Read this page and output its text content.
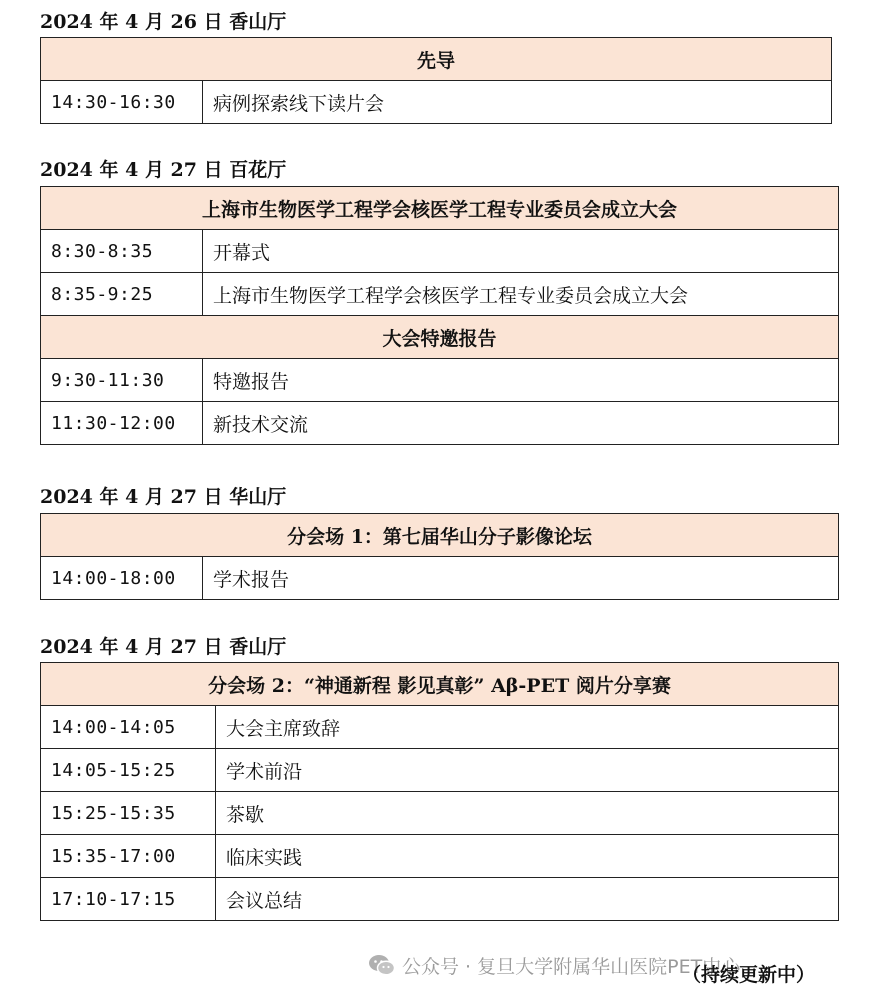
2024 年 4 月 26 日 香山厅
先导
14:30-16:30	病例探索线下读片会
2024 年 4 月 27 日 百花厅
上海市生物医学工程学会核医学工程专业委员会成立大会	
8:30-8:35	开幕式
8:35-9:25	上海市生物医学工程学会核医学工程专业委员会成立大会
大会特邀报告	
9:30-11:30	特邀报告
11:30-12:00	新技术交流
2024 年 4 月 27 日 华山厅
分会场 1：第七届华山分子影像论坛
14:00-18:00	学术报告
2024 年 4 月 27 日 香山厅
分会场 2：“神通新程 影见真彰” Aβ-PET 阅片分享赛	
14:00-14:05	大会主席致辞
14:05-15:25	学术前沿
15:25-15:35	茶歇
15:35-17:00	临床实践
17:10-17:15	会议总结
公众号 · 复旦大学附属华山医院PET中心
（持续更新中）
